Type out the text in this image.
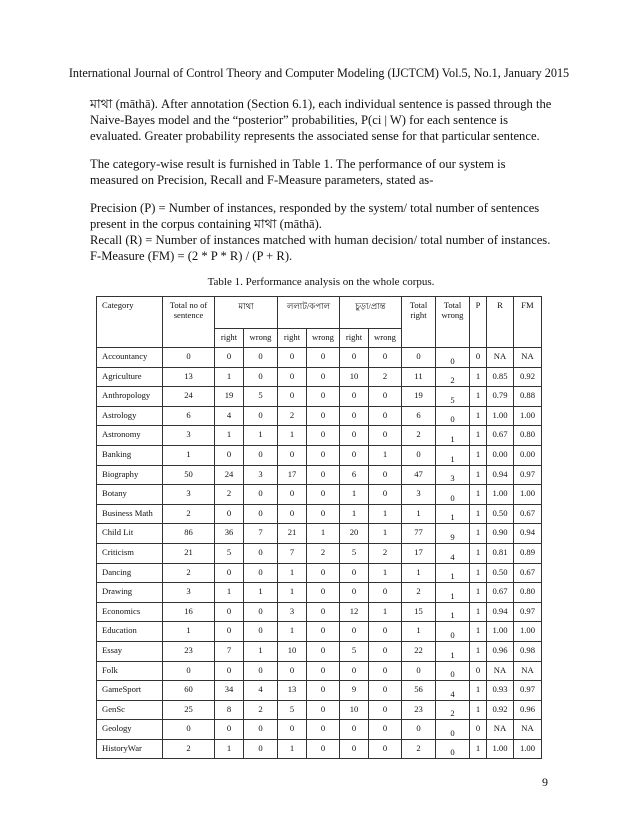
International Journal of Control Theory and Computer Modeling (IJCTCM) Vol.5, No.1, January 2015
মাথা (māthā). After annotation (Section 6.1), each individual sentence is passed through the Naive-Bayes model and the “posterior” probabilities, P(ci | W) for each sentence is evaluated. Greater probability represents the associated sense for that particular sentence.
The category-wise result is furnished in Table 1. The performance of our system is measured on Precision, Recall and F-Measure parameters, stated as-
Precision (P) = Number of instances, responded by the system/ total number of sentences present in the corpus containing মাথা (māthā).
Recall (R) = Number of instances matched with human decision/ total number of instances.
F-Measure (FM) = (2 * P * R) / (P + R).
Table 1. Performance analysis on the whole corpus.
Category	Total no of sentence	মাথা		ললাট/কপাল		চুড়া/প্রান্ত		Total right	Total wrong	P	R	FM
		right	wrong	right	wrong	right	wrong					
Accountancy	0	0	0	0	0	0	0	0	0	0	NA	NA
Agriculture	13	1	0	0	0	10	2	11	2	1	0.85	0.92
Anthropology	24	19	5	0	0	0	0	19	5	1	0.79	0.88
Astrology	6	4	0	2	0	0	0	6	0	1	1.00	1.00
Astronomy	3	1	1	1	0	0	0	2	1	1	0.67	0.80
Banking	1	0	0	0	0	0	1	0	1	1	0.00	0.00
Biography	50	24	3	17	0	6	0	47	3	1	0.94	0.97
Botany	3	2	0	0	0	1	0	3	0	1	1.00	1.00
Business Math	2	0	0	0	0	1	1	1	1	1	0.50	0.67
Child Lit	86	36	7	21	1	20	1	77	9	1	0.90	0.94
Criticism	21	5	0	7	2	5	2	17	4	1	0.81	0.89
Dancing	2	0	0	1	0	0	1	1	1	1	0.50	0.67
Drawing	3	1	1	1	0	0	0	2	1	1	0.67	0.80
Economics	16	0	0	3	0	12	1	15	1	1	0.94	0.97
Education	1	0	0	1	0	0	0	1	0	1	1.00	1.00
Essay	23	7	1	10	0	5	0	22	1	1	0.96	0.98
Folk	0	0	0	0	0	0	0	0	0	0	NA	NA
GameSport	60	34	4	13	0	9	0	56	4	1	0.93	0.97
GenSc	25	8	2	5	0	10	0	23	2	1	0.92	0.96
Geology	0	0	0	0	0	0	0	0	0	0	NA	NA
HistoryWar	2	1	0	1	0	0	0	2	0	1	1.00	1.00
9
